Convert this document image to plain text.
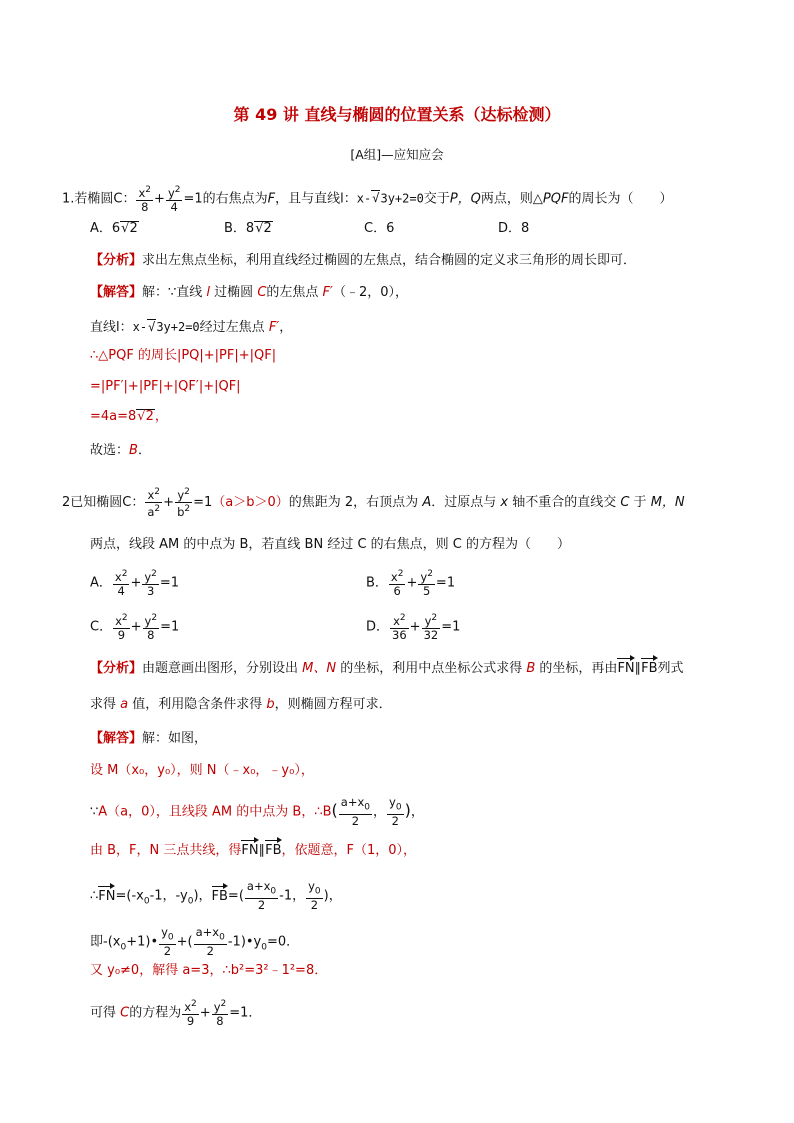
第 49 讲 直线与椭圆的位置关系（达标检测）
[A组]—应知应会
1.若椭圆C： $\frac{x^2}{8} + \frac{y^2}{4} =1$的右焦点为F，且与直线l：x-√3y+2=0交于P，Q两点，则△PQF的周长为（　　）
A．6√2	B．8√2	C．6	D．8
【分析】求出左焦点坐标，利用直线经过椭圆的左焦点，结合椭圆的定义求三角形的周长即可．
【解答】解：∵直线 l 过椭圆 C的左焦点 F′（﹣2，0），
直线l：x-√3y+2=0经过左焦点 F′，
∴△PQF 的周长|PQ|+|PF|+|QF|
=|PF′|+|PF|+|QF′|+|QF|
=4a=8√2，
故选：B．
2已知椭圆C： $\frac{x^2}{a^2} + \frac{y^2}{b^2} =1(a>b>0)$的焦距为 2，右顶点为 A．过原点与 x 轴不重合的直线交 C 于 M，N
两点，线段 AM 的中点为 B，若直线 BN 经过 C 的右焦点，则 C 的方程为（　　）
A． $\frac{x^2}{4} + \frac{y^2}{3} =1$	B． $\frac{x^2}{6} + \frac{y^2}{5} =1$
C． $\frac{x^2}{9} + \frac{y^2}{8} =1$	D． $\frac{x^2}{36} + \frac{y^2}{32} =1$
【分析】由题意画出图形，分别设出 M、N 的坐标，利用中点坐标公式求得 B 的坐标，再由FN∥FB列式
求得 a 值，利用隐含条件求得 b，则椭圆方程可求．
【解答】解：如图，
设 M（x₀，y₀），则 N（﹣x₀，﹣y₀），
∵A（a，0），且线段 AM 的中点为 B，∴B( $\frac{a+x_0}{2}$ ， $\frac{y_0}{2}$ )，
由 B，F，N 三点共线，得FN∥FB，依题意，F（1，0），
$\therefore FN=(-x_0-1$，$-y_0$)，$FB=( \frac{a+x_0}{2} -1$， $\frac{y_0}{2}$ )，
即$-(x_0+1)• \frac{y_0}{2}$ +( $\frac{a+x_0}{2}$ $-1)•y_0=0$．
又 y₀≠0，解得 a=3，∴b²=3²﹣1²=8．
可得 C的方程为 $\frac{x^2}{9} + \frac{y^2}{8} =1$．
